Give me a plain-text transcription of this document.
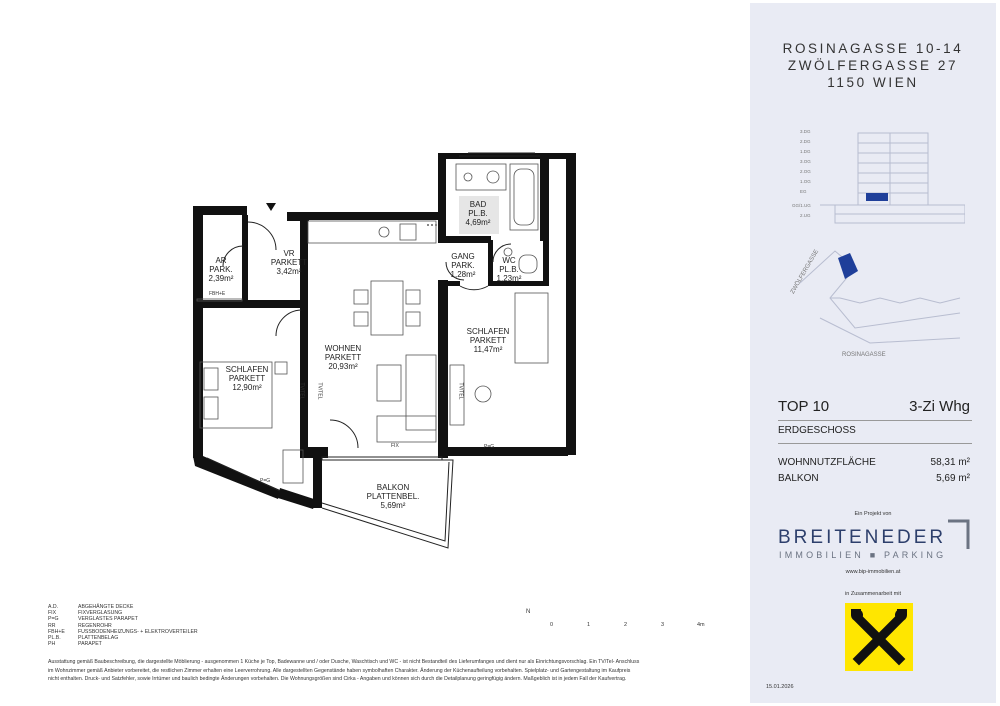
AR
PARK.
2,39m²
VR
PARKETT
3,42m²
BAD
PL.B.
4,69m²
GANG
PARK.
1,28m²
WC
PL.B.
1,23m²
SCHLAFEN
PARKETT
12,90m²
WOHNEN
PARKETT
20,93m²
SCHLAFEN
PARKETT
11,47m²
BALKON
PLATTENBEL.
5,69m²
FBH+E
TV/TEL TV/TEL	TV/TEL
FIX
P=G
P=G
N
0	1	2	3	4m
A.D.	ABGEHÄNGTE DECKE
FIX	FIXVERGLASUNG
P=G	VERGLASTES PARAPET
RR	REGENROHR
FBH+E	FUSSBODENHEIZUNGS- + ELEKTROVERTEILER
PL.B.	PLATTENBELAG
PH	PARAPET
Ausstattung gemäß Baubeschreibung, die dargestellte Möblierung - ausgenommen 1 Küche je Top, Badewanne und / oder Dusche, Waschtisch und WC - ist nicht Bestandteil des Lieferumfanges und dient nur als Einrichtungsvorschlag. Ein TV/Tel- Anschluss
im Wohnzimmer gemäß Anbieter vorbereitet, die restlichen Zimmer erhalten eine Leerverrohrung. Alle dargestellten Gegenstände haben symbolhaften Charakter. Änderung der Küchenaufteilung vorbehalten. Spielplatz- und Gartengestaltung im Kaufpreis
nicht enthalten. Druck- und Satzfehler, sowie Irrtümer und baulich bedingte Änderungen vorbehalten. Die Wohnungsgrößen sind Cirka - Angaben und können sich durch die Detailplanung geringfügig ändern. Maßgeblich ist in jedem Fall der Kaufvertrag.
ROSINAGASSE 10-14
ZWÖLFERGASSE 27
1150 WIEN
3.DG
2.DG
1.DG
3.OG
2.OG
1.OG
EG
GG/1.UG
2.UG
ZWÖLFERGASSE
ROSINAGASSE
TOP 10	3-Zi Whg
ERDGESCHOSS
WOHNNUTZFLÄCHE	58,31 m²
BALKON	5,69 m²
Ein Projekt von
BREITENEDER
IMMOBILIEN ■ PARKING
www.bip-immobilien.at
in Zusammenarbeit mit
15.01.2026
